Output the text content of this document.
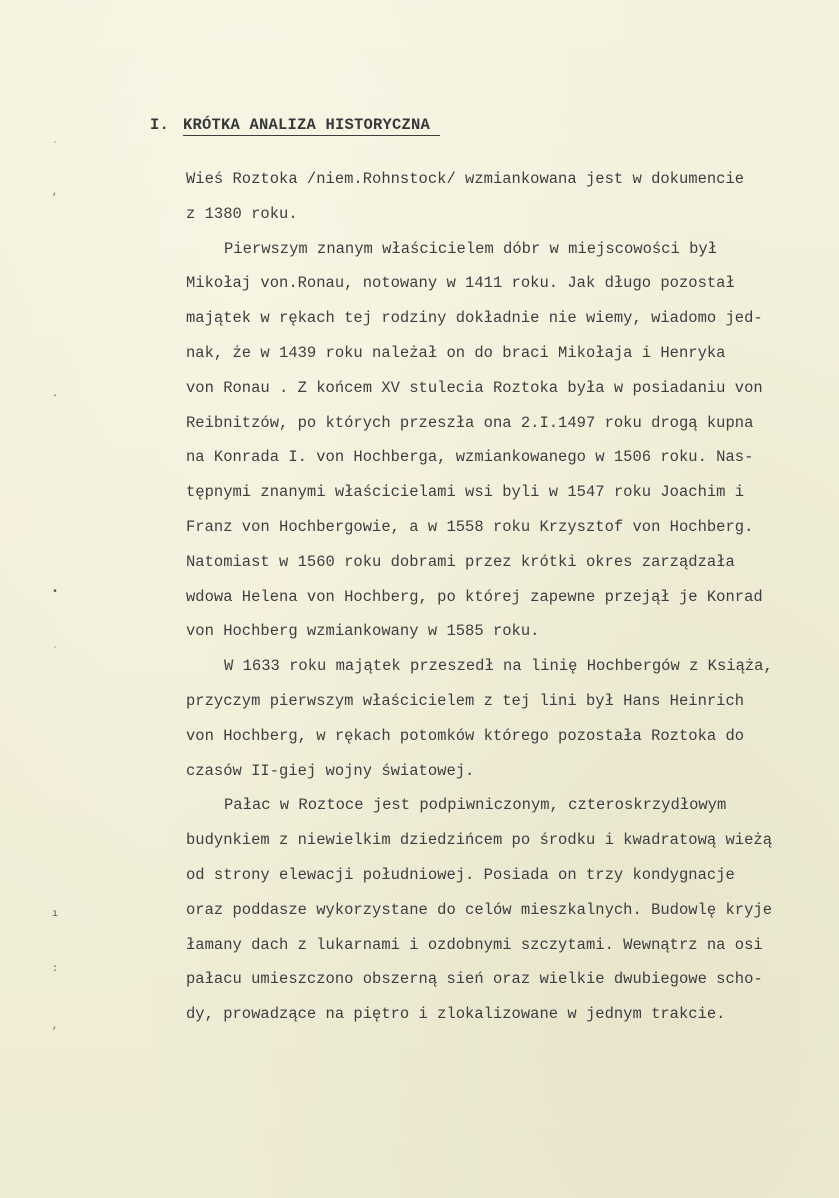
ˌ
,
·
•
ˌ
ı
:
,
I. KRÓTKA ANALIZA HISTORYCZNA
Wieś Roztoka /niem.Rohnstock/ wzmiankowana jest w dokumencie
z 1380 roku.
Pierwszym znanym właścicielem dóbr w miejscowości był
Mikołaj von.Ronau, notowany w 1411 roku. Jak długo pozostał
majątek w rękach tej rodziny dokładnie nie wiemy, wiadomo jed-
nak, że w 1439 roku należał on do braci Mikołaja i Henryka
von Ronau . Z końcem XV stulecia Roztoka była w posiadaniu von
Reibnitzów, po których przeszła ona 2.I.1497 roku drogą kupna
na Konrada I. von Hochberga, wzmiankowanego w 1506 roku. Nas-
tępnymi znanymi właścicielami wsi byli w 1547 roku Joachim i
Franz von Hochbergowie, a w 1558 roku Krzysztof von Hochberg.
Natomiast w 1560 roku dobrami przez krótki okres zarządzała
wdowa Helena von Hochberg, po której zapewne przejął je Konrad
von Hochberg wzmiankowany w 1585 roku.
W 1633 roku majątek przeszedł na linię Hochbergów z Książa,
przyczym pierwszym właścicielem z tej lini był Hans Heinrich
von Hochberg, w rękach potomków którego pozostała Roztoka do
czasów II-giej wojny światowej.
Pałac w Roztoce jest podpiwniczonym, czteroskrzydłowym
budynkiem z niewielkim dziedzińcem po środku i kwadratową wieżą
od strony elewacji południowej. Posiada on trzy kondygnacje
oraz poddasze wykorzystane do celów mieszkalnych. Budowlę kryje
łamany dach z lukarnami i ozdobnymi szczytami. Wewnątrz na osi
pałacu umieszczono obszerną sień oraz wielkie dwubiegowe scho-
dy, prowadzące na piętro i zlokalizowane w jednym trakcie.
